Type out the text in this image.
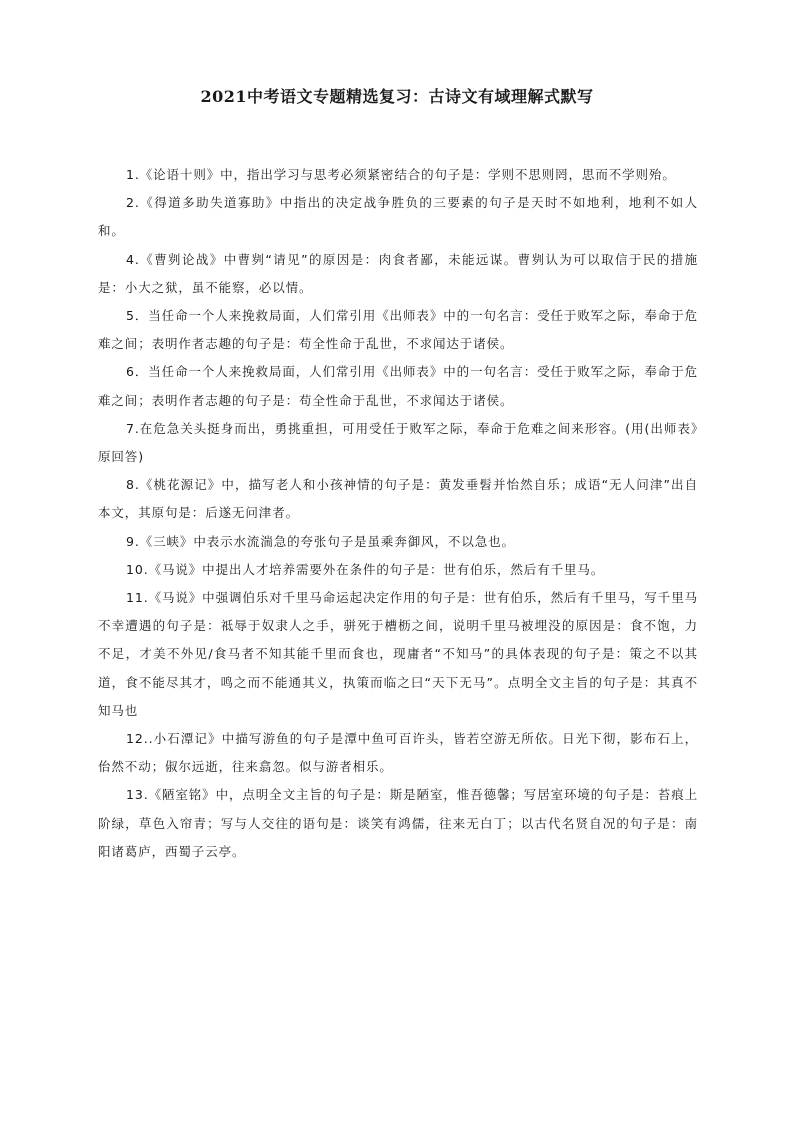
2021中考语文专题精选复习：古诗文有域理解式默写

1.《论语十则》中，指出学习与思考必须紧密结合的句子是：学则不思则罔，思而不学则殆。

2.《得道多助失道寡助》中指出的决定战争胜负的三要素的句子是天时不如地利，地利不如人和。

4.《曹刿论战》中曹刿“请见”的原因是：肉食者鄙，未能远谋。曹刿认为可以取信于民的措施是：小大之狱，虽不能察，必以情。

5．当任命一个人来挽救局面，人们常引用《出师表》中的一句名言：受任于败军之际，奉命于危难之间；表明作者志趣的句子是：苟全性命于乱世，不求闻达于诸侯。

6．当任命一个人来挽救局面，人们常引用《出师表》中的一句名言：受任于败军之际，奉命于危难之间；表明作者志趣的句子是：苟全性命于乱世，不求闻达于诸侯。

7.在危急关头挺身而出，勇挑重担，可用受任于败军之际，奉命于危难之间来形容。(用(出师表》原回答)

8.《桃花源记》中，描写老人和小孩神情的句子是：黄发垂髫并怡然自乐；成语“无人问津”出自本文，其原句是：后遂无问津者。

9.《三峡》中表示水流湍急的夸张句子是虽乘奔御风，不以急也。

10.《马说》中提出人才培养需要外在条件的句子是：世有伯乐，然后有千里马。

11.《马说》中强调伯乐对千里马命运起决定作用的句子是：世有伯乐，然后有千里马，写千里马不幸遭遇的句子是：祗辱于奴隶人之手，骈死于槽枥之间，说明千里马被埋没的原因是：食不饱，力不足，才美不外见/食马者不知其能千里而食也，现庸者“不知马”的具体表现的句子是：策之不以其道，食不能尽其才，鸣之而不能通其义，执策而临之曰“天下无马”。点明全文主旨的句子是：其真不知马也

12..小石潭记》中描写游鱼的句子是潭中鱼可百许头，皆若空游无所依。日光下彻，影布石上，佁然不动；俶尔远逝，往来翕忽。似与游者相乐。

13.《陋室铭》中，点明全文主旨的句子是：斯是陋室，惟吾德馨；写居室环境的句子是：苔痕上阶绿，草色入帘青；写与人交往的语句是：谈笑有鸿儒，往来无白丁；以古代名贤自况的句子是：南阳诸葛庐，西蜀子云亭。
